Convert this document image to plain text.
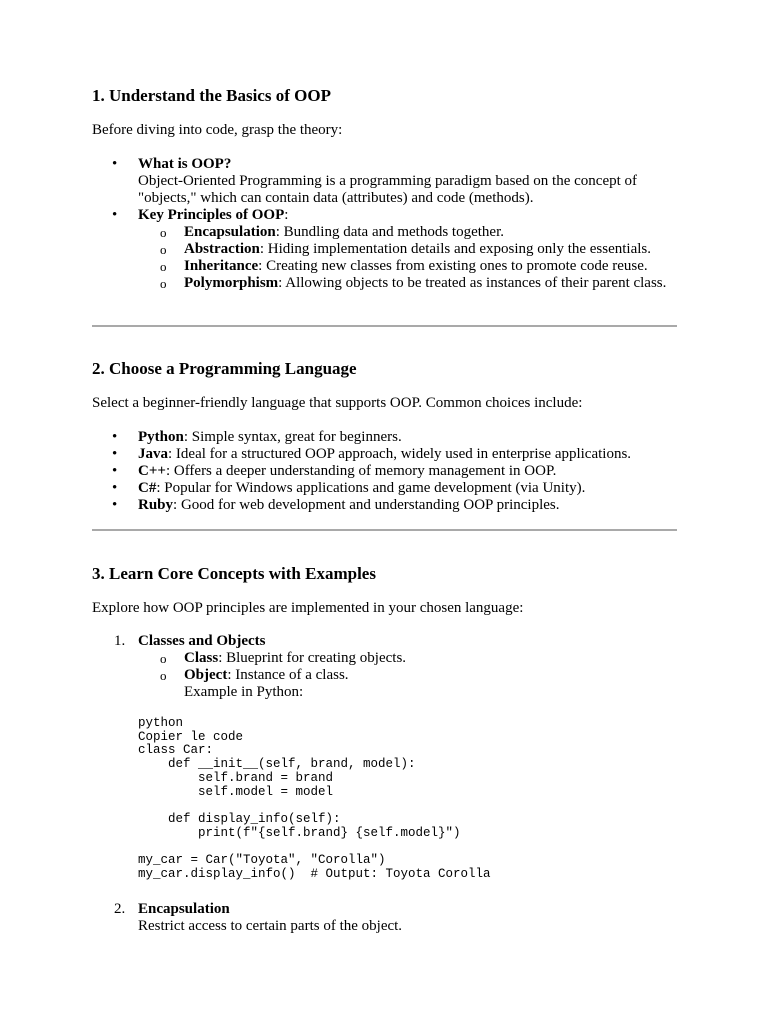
1. Understand the Basics of OOP

Before diving into code, grasp the theory:

• What is OOP?
Object-Oriented Programming is a programming paradigm based on the concept of "objects," which can contain data (attributes) and code (methods).
• Key Principles of OOP:
o Encapsulation: Bundling data and methods together.
o Abstraction: Hiding implementation details and exposing only the essentials.
o Inheritance: Creating new classes from existing ones to promote code reuse.
o Polymorphism: Allowing objects to be treated as instances of their parent class.
2. Choose a Programming Language

Select a beginner-friendly language that supports OOP. Common choices include:

• Python: Simple syntax, great for beginners.
• Java: Ideal for a structured OOP approach, widely used in enterprise applications.
• C++: Offers a deeper understanding of memory management in OOP.
• C#: Popular for Windows applications and game development (via Unity).
• Ruby: Good for web development and understanding OOP principles.
3. Learn Core Concepts with Examples

Explore how OOP principles are implemented in your chosen language:

1. Classes and Objects
o Class: Blueprint for creating objects.
o Object: Instance of a class.
Example in Python:
python
Copier le code
class Car:
def __init__(self, brand, model):
self.brand = brand
self.model = model

def display_info(self):
print(f"{self.brand} {self.model}")

my_car = Car("Toyota", "Corolla")
my_car.display_info()  # Output: Toyota Corolla
2. Encapsulation
Restrict access to certain parts of the object.
